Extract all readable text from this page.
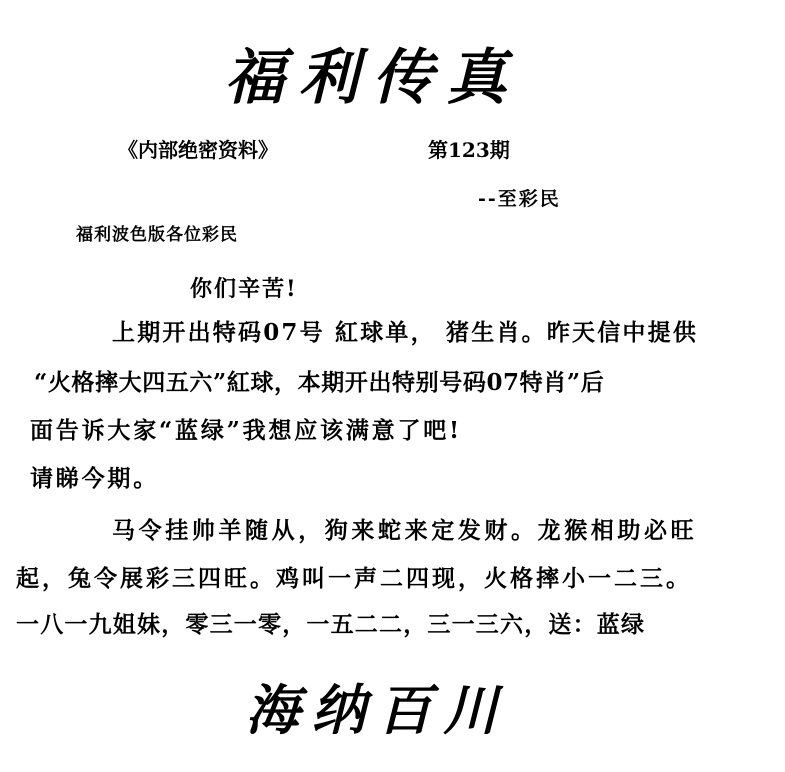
福利传真
《内部绝密资料》	第123期
--至彩民
福利波色版各位彩民
你们辛苦!
上期开出特码07号 紅球单， 猪生肖。昨天信中提供
“火格摔大四五六”紅球，本期开出特别号码07特肖”后
面告诉大家“蓝绿”我想应该满意了吧!
请睇今期。
马令挂帅羊随从，狗来蛇来定发财。龙猴相助必旺
起，兔令展彩三四旺。鸡叫一声二四现，火格摔小一二三。
一八一九姐妹，零三一零，一五二二，三一三六，送：蓝绿
海纳百川
